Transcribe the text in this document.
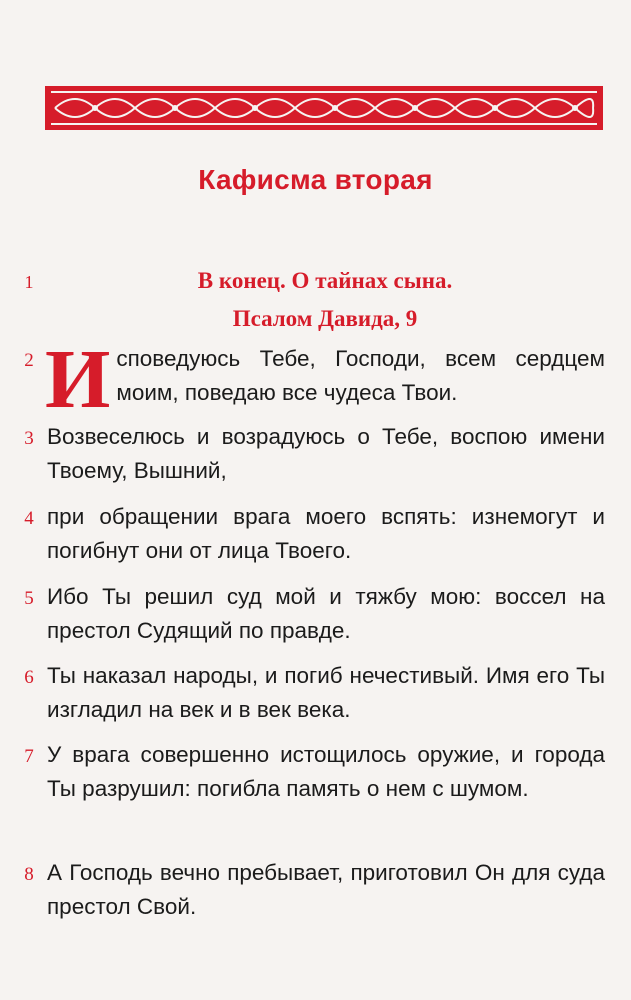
Кафисма вторая
1	В конец. О тайнах сына.
Псалом Давида, 9
2 И споведуюсь Тебе, Господи, всем сердцем моим, поведаю все чудеса Твои.
3 Возвеселюсь и возрадуюсь о Тебе, воспою имени Твоему, Вышний,
4 при обращении врага моего вспять: изнемогут и погибнут они от лица Твоего.
5 Ибо Ты решил суд мой и тяжбу мою: воссел на престол Судящий по правде.
6 Ты наказал народы, и погиб нечестивый. Имя его Ты изгладил на век и в век века.
7 У врага совершенно истощилось оружие, и города Ты разрушил: погибла память о нем с шумом.
8 А Господь вечно пребывает, приготовил Он для суда престол Свой.
